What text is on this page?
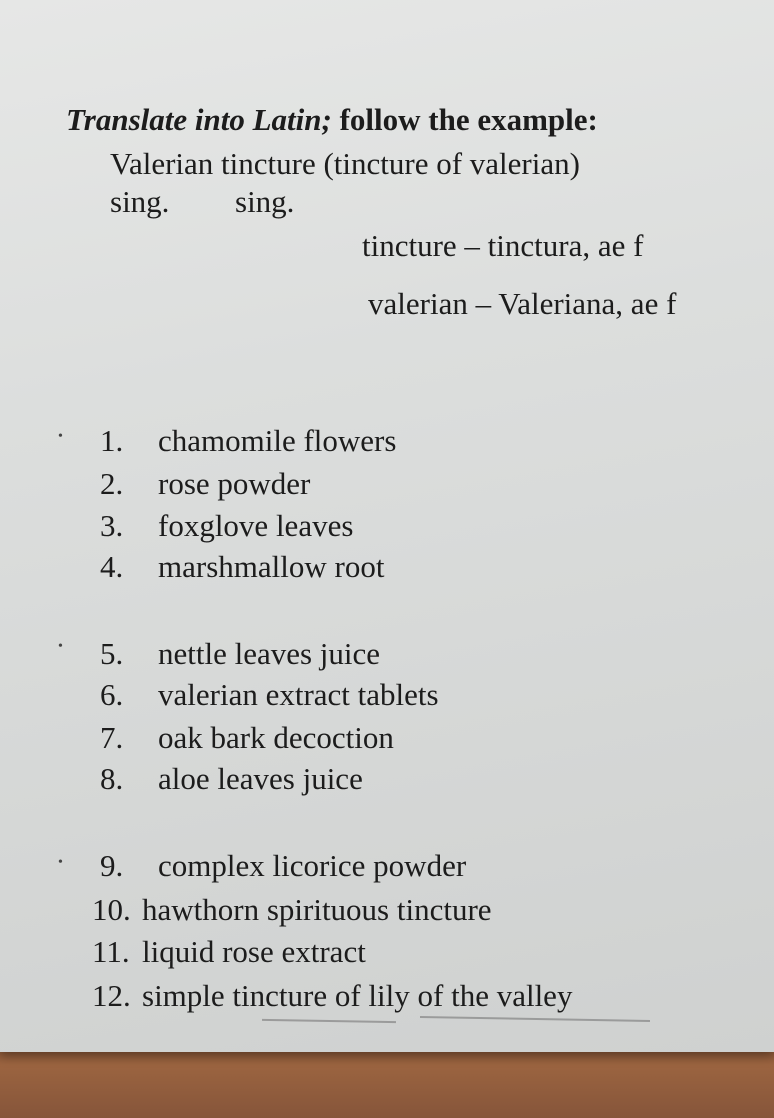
Translate into Latin; follow the example:
Valerian tincture (tincture of valerian)
sing. sing.
tincture – tinctura, ae f
valerian – Valeriana, ae f
•
•
•
1. chamomile flowers
2. rose powder
3. foxglove leaves
4. marshmallow root
5. nettle leaves juice
6. valerian extract tablets
7. oak bark decoction
8. aloe leaves juice
9. complex licorice powder
10. hawthorn spirituous tincture
11. liquid rose extract
12. simple tincture of lily of the valley
